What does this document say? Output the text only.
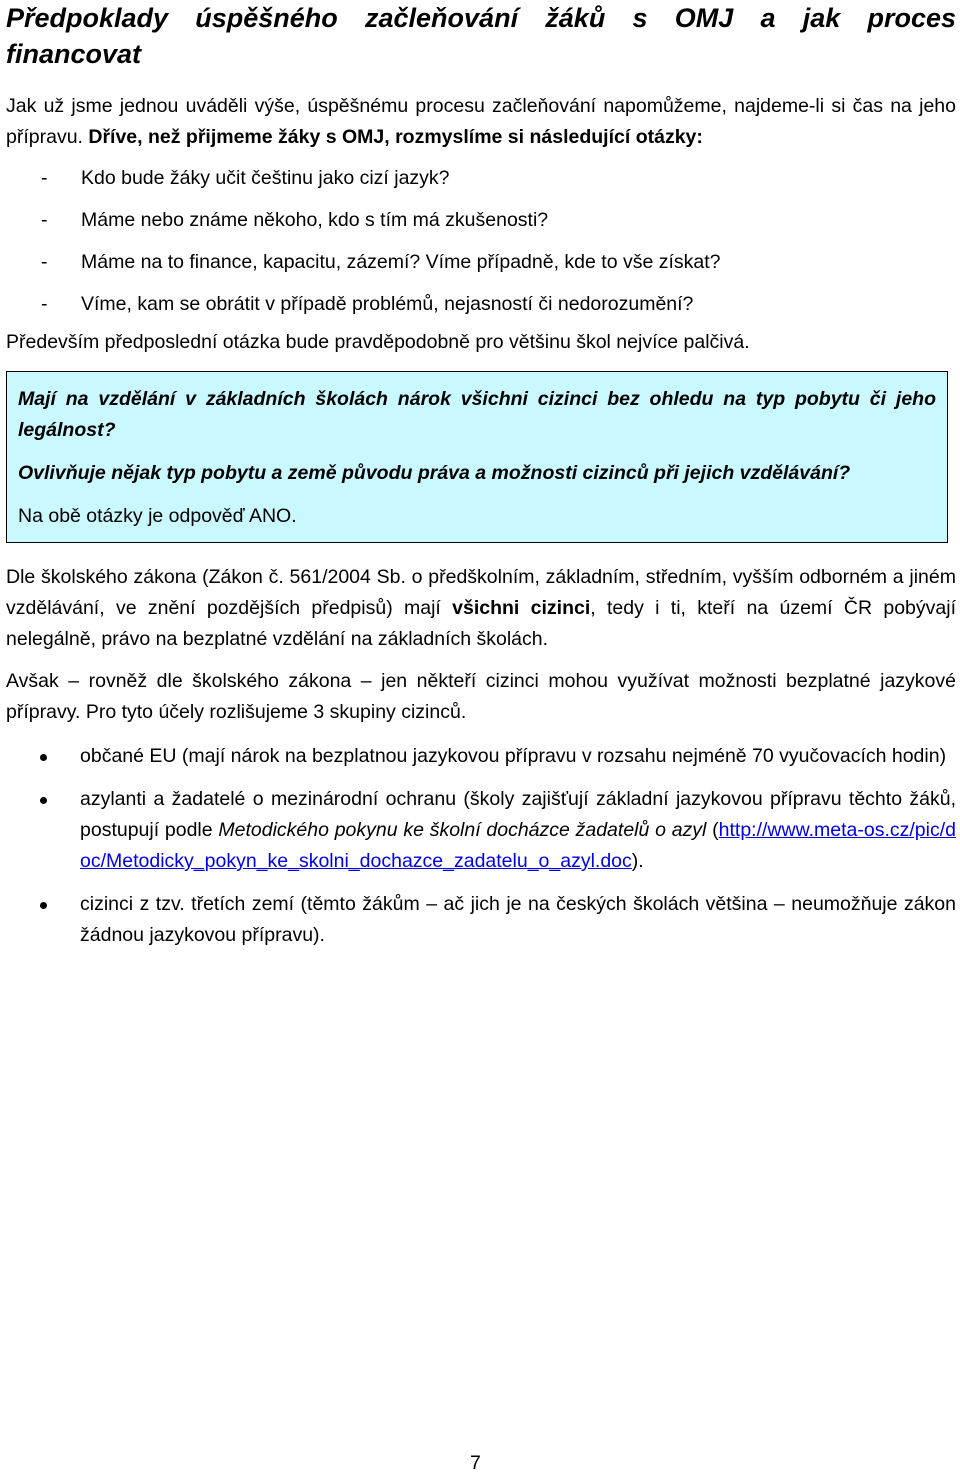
Předpoklady úspěšného začleňování žáků s OMJ a jak proces financovat

Jak už jsme jednou uváděli výše, úspěšnému procesu začleňování napomůžeme, najdeme-li si čas na jeho přípravu. Dříve, než přijmeme žáky s OMJ, rozmyslíme si následující otázky:

- Kdo bude žáky učit češtinu jako cizí jazyk?
- Máme nebo známe někoho, kdo s tím má zkušenosti?
- Máme na to finance, kapacitu, zázemí? Víme případně, kde to vše získat?
- Víme, kam se obrátit v případě problémů, nejasností či nedorozumění?

Především předposlední otázka bude pravděpodobně pro většinu škol nejvíce palčivá.

Mají na vzdělání v základních školách nárok všichni cizinci bez ohledu na typ pobytu či jeho legálnost?

Ovlivňuje nějak typ pobytu a země původu práva a možnosti cizinců při jejich vzdělávání?

Na obě otázky je odpověď ANO.

Dle školského zákona (Zákon č. 561/2004 Sb. o předškolním, základním, středním, vyšším odborném a jiném vzdělávání, ve znění pozdějších předpisů) mají všichni cizinci, tedy i ti, kteří na území ČR pobývají nelegálně, právo na bezplatné vzdělání na základních školách.

Avšak – rovněž dle školského zákona – jen někteří cizinci mohou využívat možnosti bezplatné jazykové přípravy. Pro tyto účely rozlišujeme 3 skupiny cizinců.

občané EU (mají nárok na bezplatnou jazykovou přípravu v rozsahu nejméně 70 vyučovacích hodin)
azylanti a žadatelé o mezinárodní ochranu (školy zajišťují základní jazykovou přípravu těchto žáků, postupují podle Metodického pokynu ke školní docházce žadatelů o azyl (http://www.meta-os.cz/pic/doc/Metodicky_pokyn_ke_skolni_dochazce_zadatelu_o_azyl.doc).
cizinci z tzv. třetích zemí (těmto žákům – ač jich je na českých školách většina – neumožňuje zákon žádnou jazykovou přípravu).
7
